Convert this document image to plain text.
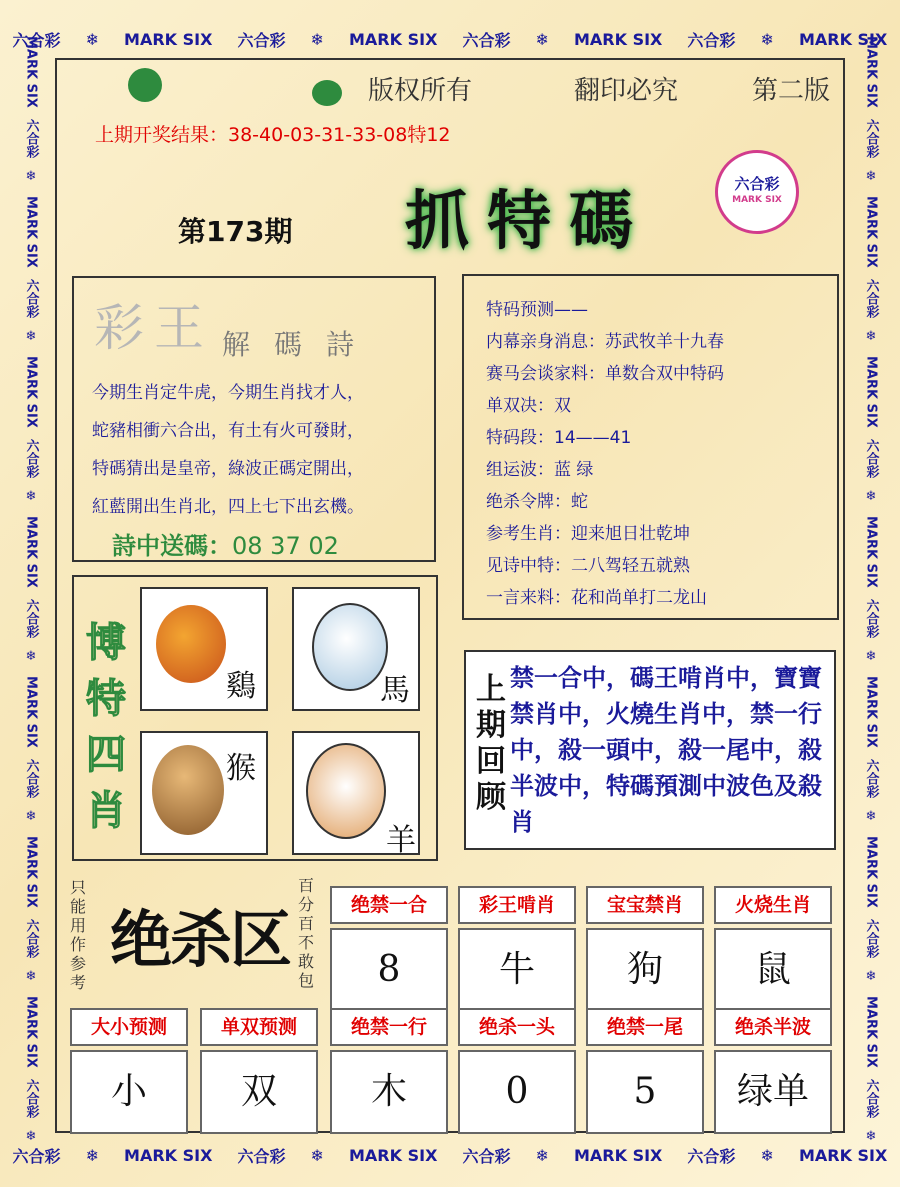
六合彩 ❄ MARK SIX 六合彩 ❄ MARK SIX 六合彩 ❄ MARK SIX 六合彩 ❄ MARK SIX
六合彩 ❄ MARK SIX 六合彩 ❄ MARK SIX 六合彩 ❄ MARK SIX 六合彩 ❄ MARK SIX
MARK SIX
六合彩
❄
MARK SIX
六合彩
❄
MARK SIX
六合彩
❄
MARK SIX
六合彩
❄
MARK SIX
六合彩
❄
MARK SIX
六合彩
❄
MARK SIX
六合彩
❄
MARK SIX
六合彩
❄
MARK SIX
六合彩
❄
MARK SIX
六合彩
❄
MARK SIX
六合彩
❄
MARK SIX
六合彩
❄
MARK SIX
六合彩
❄
MARK SIX
六合彩
❄
版权所有	翻印必究	第二版
上期开奖结果：38-40-03-31-33-08特12
第173期 抓特碼
六合彩
MARK SIX
彩王 解碼詩
今期生肖定牛虎，今期生肖找才人，
蛇豬相衝六合出，有土有火可發財，
特碼猜出是皇帝，綠波正碼定開出，
紅藍開出生肖北，四上七下出玄機。
詩中送碼：08 37 02
特码预测——
内幕亲身消息：苏武牧羊十九春
赛马会谈家料：单数合双中特码
单双决：双
特码段：14——41
组运波：蓝 绿
绝杀令牌：蛇
参考生肖：迎来旭日壮乾坤
见诗中特：二八驾轻五就熟
一言来料：花和尚单打二龙山
博特四肖
鷄	馬
猴
羊
上期回顾
禁一合中，碼王啃肖中，寶寶禁肖中，火燒生肖中，禁一行中，殺一頭中，殺一尾中，殺半波中，特碼預測中波色及殺肖
只能用作参考
绝杀区
百分百不敢包
绝禁一合
8
彩王啃肖
牛
宝宝禁肖
狗
火烧生肖
鼠
大小预测
小
单双预测
双
绝禁一行
木
绝杀一头
0
绝禁一尾
5
绝杀半波
绿单
